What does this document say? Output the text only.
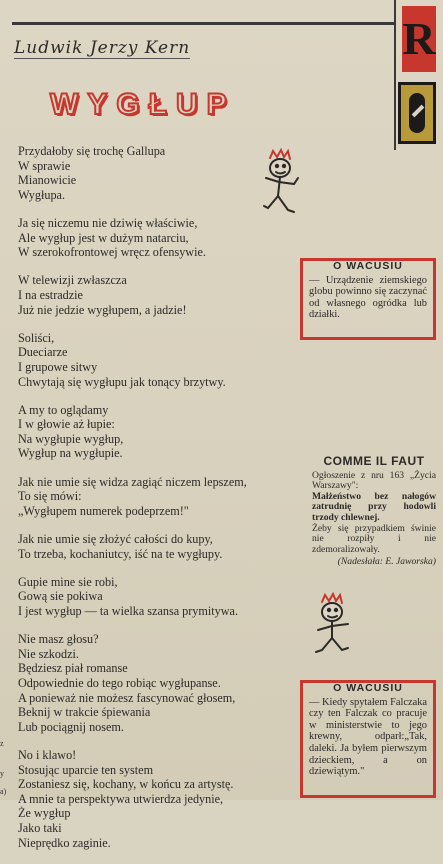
Ludwik Jerzy Kern
WYGŁUP
R
Przydałoby się trochę Gallupa
W sprawie
Mianowicie
Wygłupa.
Ja się niczemu nie dziwię właściwie,
Ale wygłup jest w dużym natarciu,
W szerokofrontowej wręcz ofensywie.
W telewizji zwłaszcza
I na estradzie
Już nie jedzie wygłupem, a jadzie!
Soliści,
Dueciarze
I grupowe sitwy
Chwytają się wygłupu jak tonący brzytwy.
A my to oglądamy
I w głowie aż łupie:
Na wygłupie wygłup,
Wygłup na wygłupie.
Jak nie umie się widza zagiąć niczem lepszem,
To się mówi:
„Wygłupem numerek podeprzem!"
Jak nie umie się złożyć całości do kupy,
To trzeba, kochaniutcy, iść na te wygłupy.
Gupie mine sie robi,
Gową sie pokiwa
I jest wygłup — ta wielka szansa prymitywa.
Nie masz głosu?
Nie szkodzi.
Będziesz piał romanse
Odpowiednie do tego robiąc wygłupanse.
A ponieważ nie możesz fascynować głosem,
Beknij w trakcie śpiewania
Lub pociągnij nosem.
No i klawo!
Stosując uparcie ten system
Zostaniesz się, kochany, w końcu za artystę.
A mnie ta perspektywa utwierdza jedynie,
Że wygłup
Jako taki
Nieprędko zaginie.
O WACUSIU
— Urządzenie ziemskiego globu powinno się zaczynać od własnego ogródka lub działki.
COMME IL FAUT
Ogłoszenie z nru 163 „Życia Warszawy":
Małżeństwo bez nałogów zatrudnię przy hodowli trzody chlewnej.
Żeby się przypadkiem świnie nie rozpiły i nie zdemoralizowały.
(Nadesłała: E. Jaworska)
O WACUSIU
— Kiedy spytałem Falczaka czy ten Falczak co pracuje w ministerstwie to jego krewny, odparł:​„Tak, daleki. Ja byłem pierwszym dzieckiem, a on dziewiątym."
z
y
a)
